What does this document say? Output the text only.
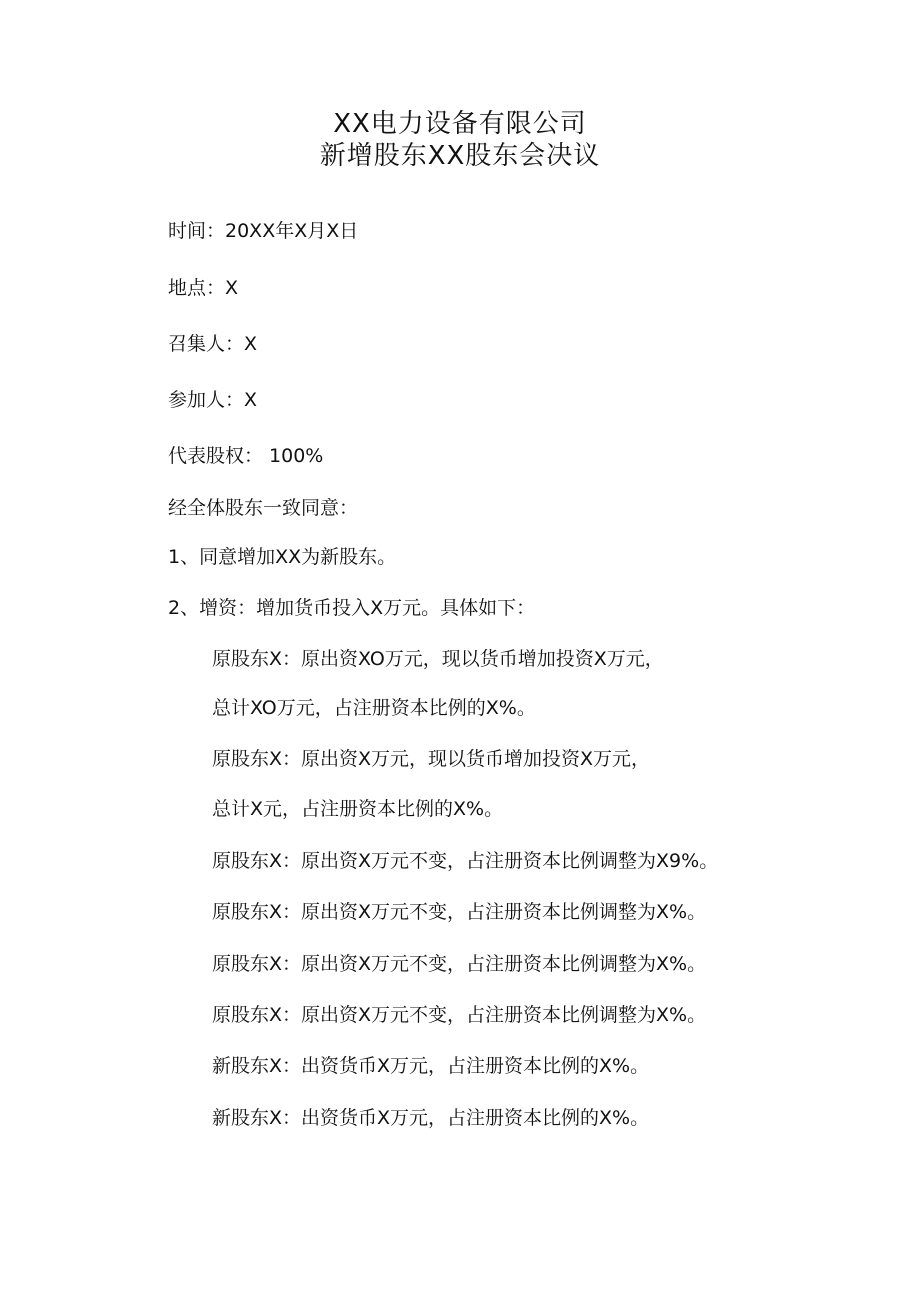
XX电力设备有限公司
新增股东XX股东会决议
时间：20XX年X月X日
地点：X
召集人：X
参加人：X
代表股权： 100%
经全体股东一致同意：
1、同意增加XX为新股东。
2、增资：增加货币投入X万元。具体如下：
原股东X：原出资XO万元，现以货币增加投资X万元，
总计XO万元，占注册资本比例的X%。
原股东X：原出资X万元，现以货币增加投资X万元，
总计X元，占注册资本比例的X%。
原股东X：原出资X万元不变，占注册资本比例调整为X9%。
原股东X：原出资X万元不变，占注册资本比例调整为X%。
原股东X：原出资X万元不变，占注册资本比例调整为X%。
原股东X：原出资X万元不变，占注册资本比例调整为X%。
新股东X：出资货币X万元，占注册资本比例的X%。
新股东X：出资货币X万元，占注册资本比例的X%。
